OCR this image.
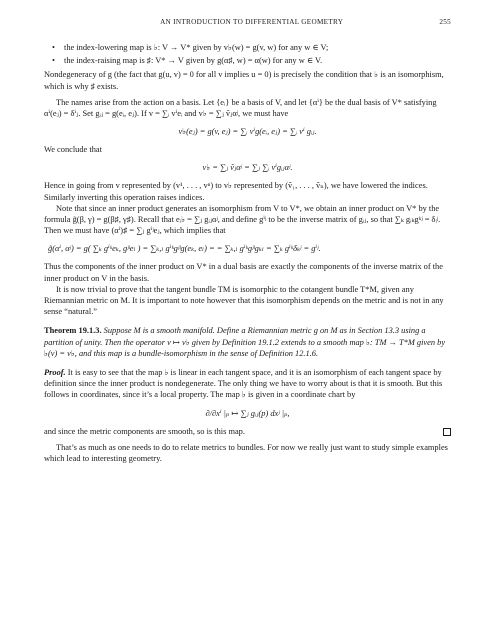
AN INTRODUCTION TO DIFFERENTIAL GEOMETRY	255
• the index-lowering map is ♭: V → V* given by v♭(w) = g(v, w) for any w ∈ V;
• the index-raising map is ♯: V* → V given by g(α♯, w) = α(w) for any w ∈ V.

Nondegeneracy of g (the fact that g(u, v) = 0 for all v implies u = 0) is precisely the condition that ♭ is an isomorphism, which is why ♯ exists.

The names arise from the action on a basis. Let {eᵢ} be a basis of V, and let {αⁱ} be the dual basis of V* satisfying αⁱ(eⱼ) = δⁱⱼ. Set gᵢⱼ = g(eᵢ, eⱼ). If v = ∑ᵢ vⁱeᵢ and v♭ = ∑ⱼ ṽⱼαʲ, we must have

v♭(eⱼ) = g(v, eⱼ) = ∑ᵢ vⁱg(eᵢ, eⱼ) = ∑ᵢ vⁱ gᵢⱼ.

We conclude that

v♭ = ∑ⱼ ṽⱼαʲ = ∑ⱼ ∑ᵢ vⁱgᵢⱼαʲ.

Hence in going from v represented by (v¹, . . . , vⁿ) to v♭ represented by (ṽ₁, . . . , ṽₙ), we have lowered the indices. Similarly inverting this operation raises indices.

Note that since an inner product generates an isomorphism from V to V*, we obtain an inner product on V* by the formula g̃(β, γ) = g(β♯, γ♯). Recall that eᵢ♭ = ∑ⱼ gᵢⱼαʲ, and define gⁱʲ to be the inverse matrix of gᵢⱼ, so that ∑ₖ gᵢₖgᵏʲ = δᵢʲ. Then we must have (αⁱ)♯ = ∑ⱼ gⁱʲeⱼ, which implies that

g̃(αⁱ, αʲ) = g( ∑ₖ gⁱᵏeₖ, gʲˡeₗ ) = ∑ₖ,ₗ gⁱᵏgʲˡg(eₖ, eₗ) = = ∑ₖ,ₗ gⁱᵏgʲˡgₖₗ = ∑ₖ gⁱᵏδₖʲ = gⁱʲ.

Thus the components of the inner product on V* in a dual basis are exactly the components of the inverse matrix of the inner product on V in the basis.

It is now trivial to prove that the tangent bundle TM is isomorphic to the cotangent bundle T*M, given any Riemannian metric on M. It is important to note however that this isomorphism depends on the metric and is not in any sense “natural.”

Theorem 19.1.3. Suppose M is a smooth manifold. Define a Riemannian metric g on M as in Section 13.3 using a partition of unity. Then the operator v ↦ v♭ given by Definition 19.1.2 extends to a smooth map ♭: TM → T*M given by ♭(v) = v♭, and this map is a bundle-isomorphism in the sense of Definition 12.1.6.
Proof. It is easy to see that the map ♭ is linear in each tangent space, and it is an isomorphism of each tangent space by definition since the inner product is nondegenerate. The only thing we have to worry about is that it is smooth. But this follows in coordinates, since it’s a local property. The map ♭ is given in a coordinate chart by
∂/∂xⁱ |ₚ ↦ ∑ⱼ gᵢⱼ(p) dxʲ |ₚ,

and since the metric components are smooth, so is this map.

That’s as much as one needs to do to relate metrics to bundles. For now we really just want to study simple examples which lead to interesting geometry.
